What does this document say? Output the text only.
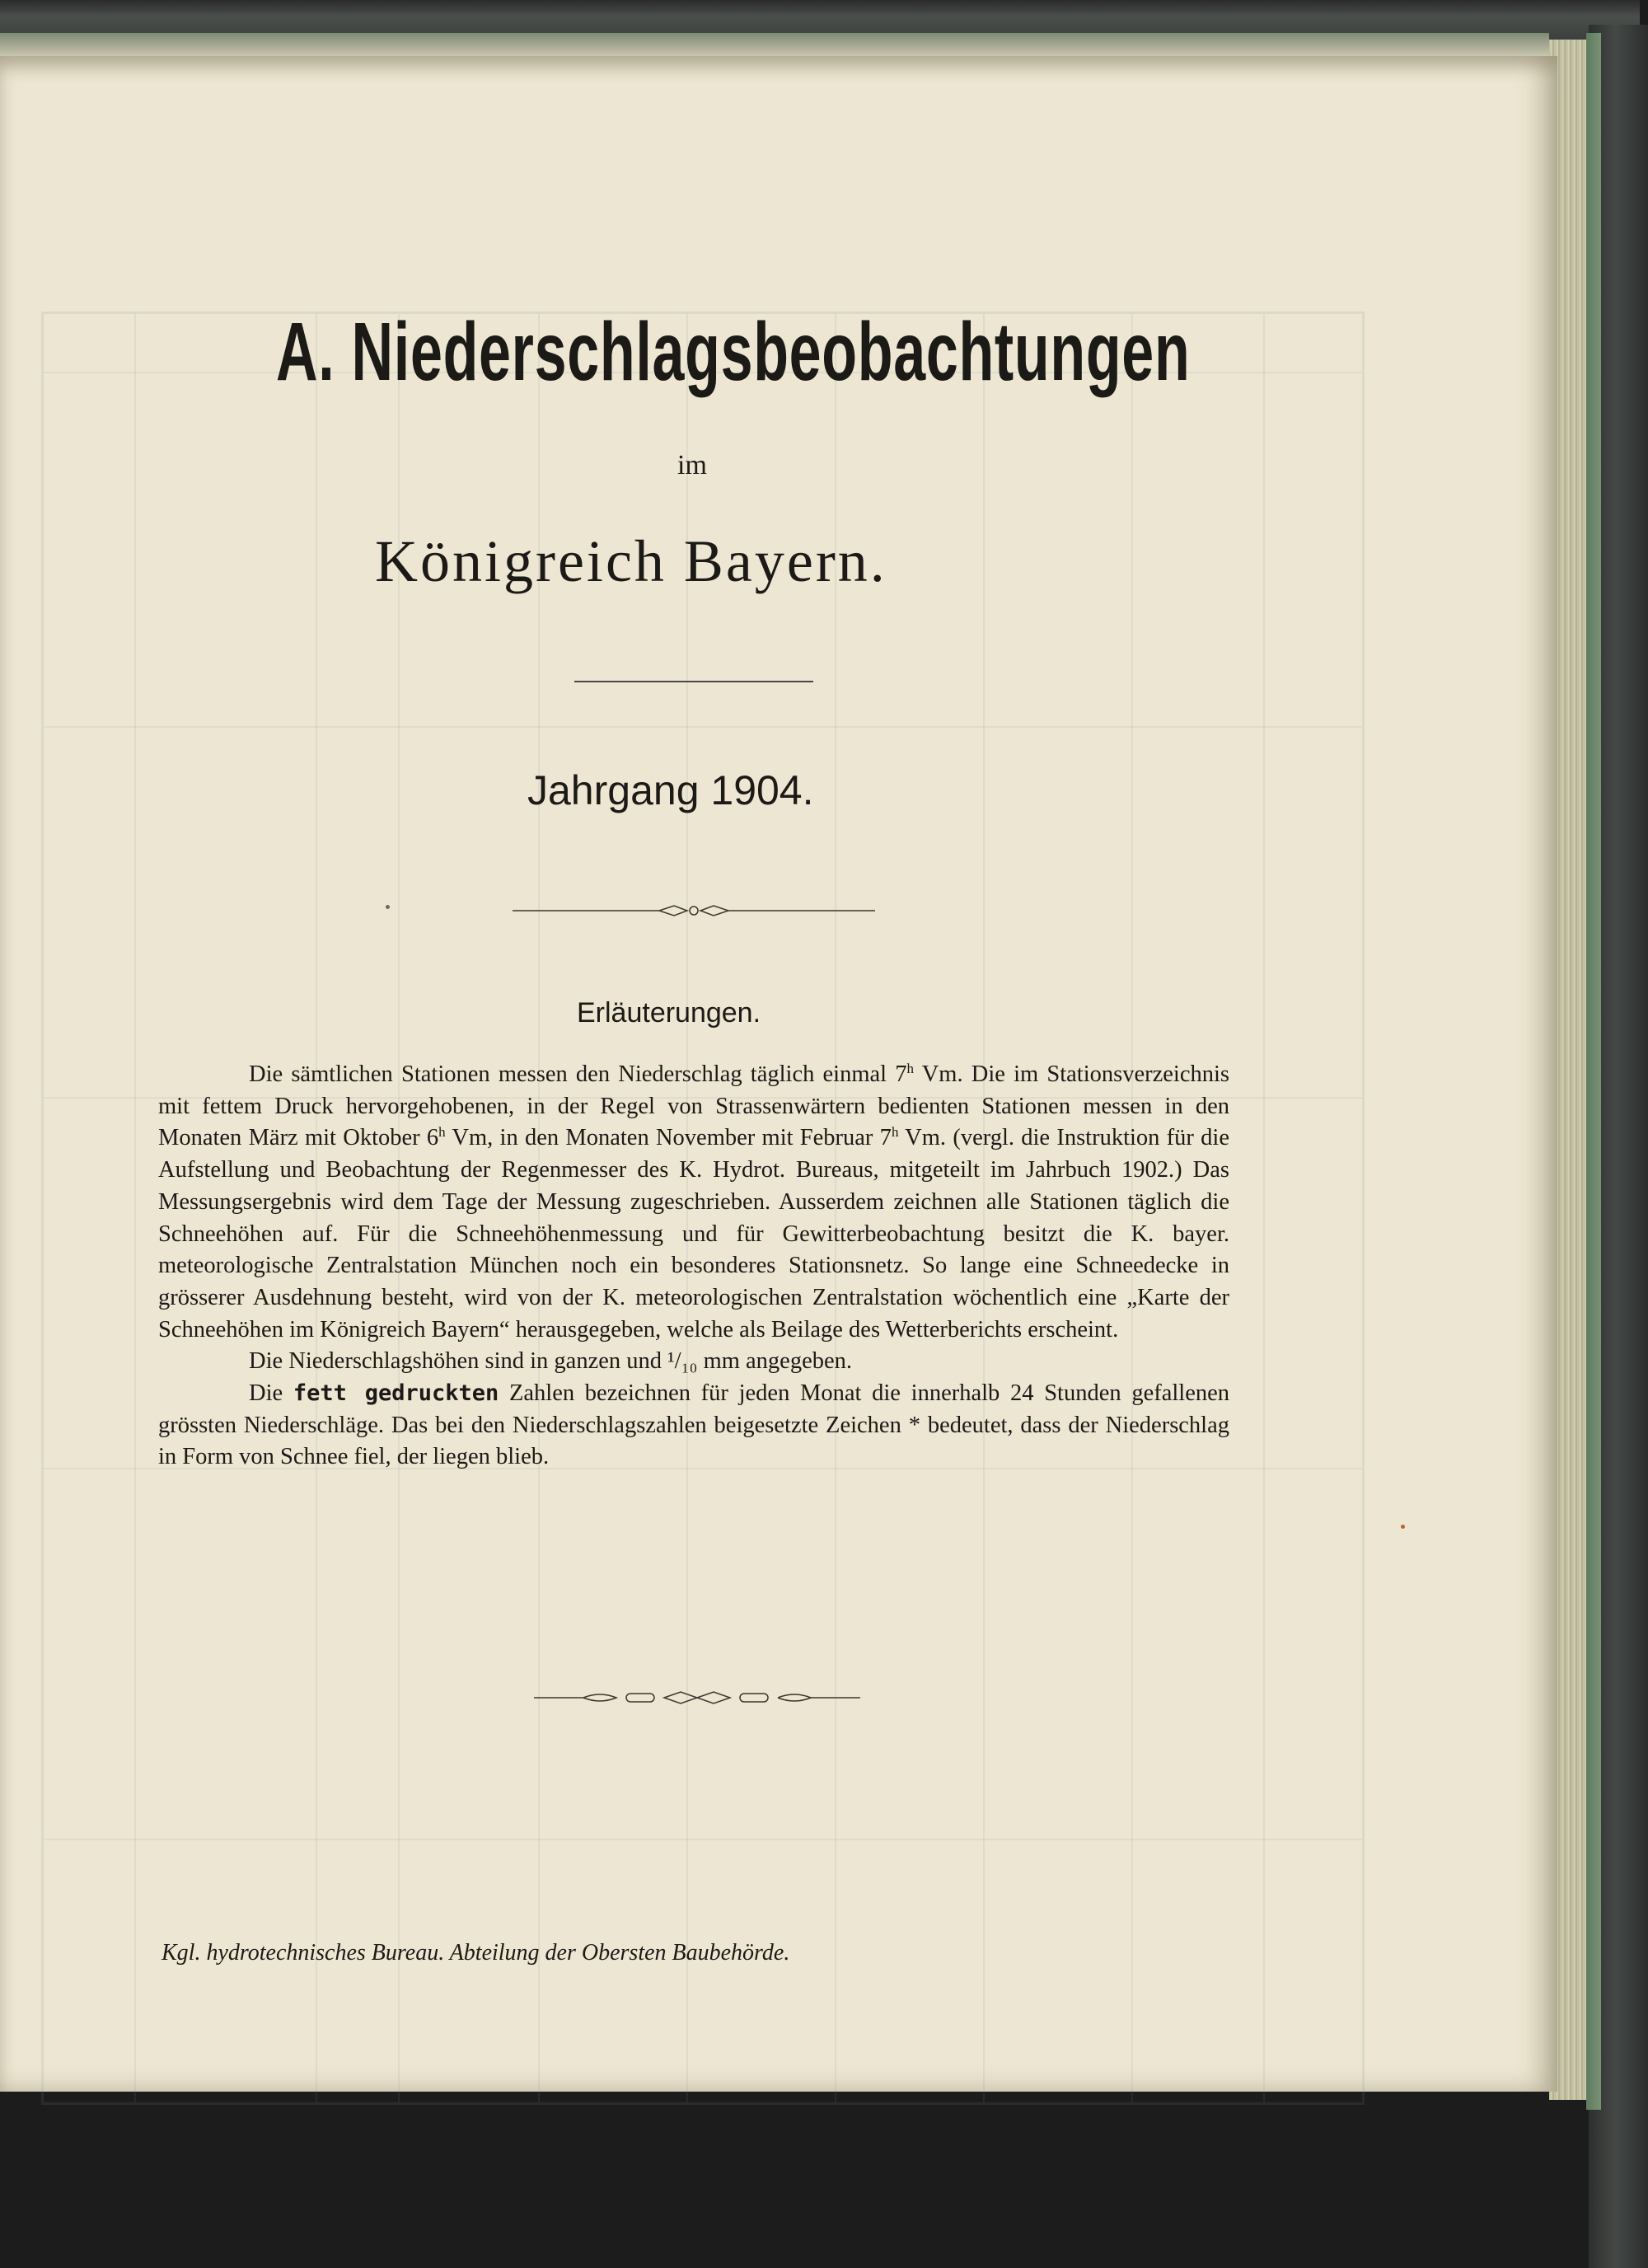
A. Niederschlagsbeobachtungen
im
Königreich Bayern.
Jahrgang 1904.
Erläuterungen.

Die sämtlichen Stationen messen den Niederschlag täglich einmal 7$^h$ Vm. Die im Stationsverzeichnis mit fettem Druck hervorgehobenen, in der Regel von Strassenwärtern bedienten Stationen messen in den Monaten März mit Oktober 6$^h$ Vm, in den Monaten November mit Februar 7$^h$ Vm. (vergl. die Instruktion für die Aufstellung und Beobachtung der Regenmesser des K. Hydrot. Bureaus, mitgeteilt im Jahrbuch 1902.) Das Messungsergebnis wird dem Tage der Messung zugeschrieben. Ausserdem zeichnen alle Stationen täglich die Schneehöhen auf. Für die Schneehöhenmessung und für Gewitterbeobachtung besitzt die K. bayer. meteorologische Zentralstation München noch ein besonderes Stationsnetz. So lange eine Schneedecke in grösserer Ausdehnung besteht, wird von der K. meteorologischen Zentralstation wöchentlich eine „Karte der Schneehöhen im Königreich Bayern“ herausgegeben, welche als Beilage des Wetterberichts erscheint.

Die Niederschlagshöhen sind in ganzen und ¹/₁₀ mm angegeben.

Die fett gedruckten Zahlen bezeichnen für jeden Monat die innerhalb 24 Stunden gefallenen grössten Niederschläge. Das bei den Niederschlagszahlen beigesetzte Zeichen * bedeutet, dass der Niederschlag in Form von Schnee fiel, der liegen blieb.

Kgl. hydrotechnisches Bureau. Abteilung der Obersten Baubehörde.
